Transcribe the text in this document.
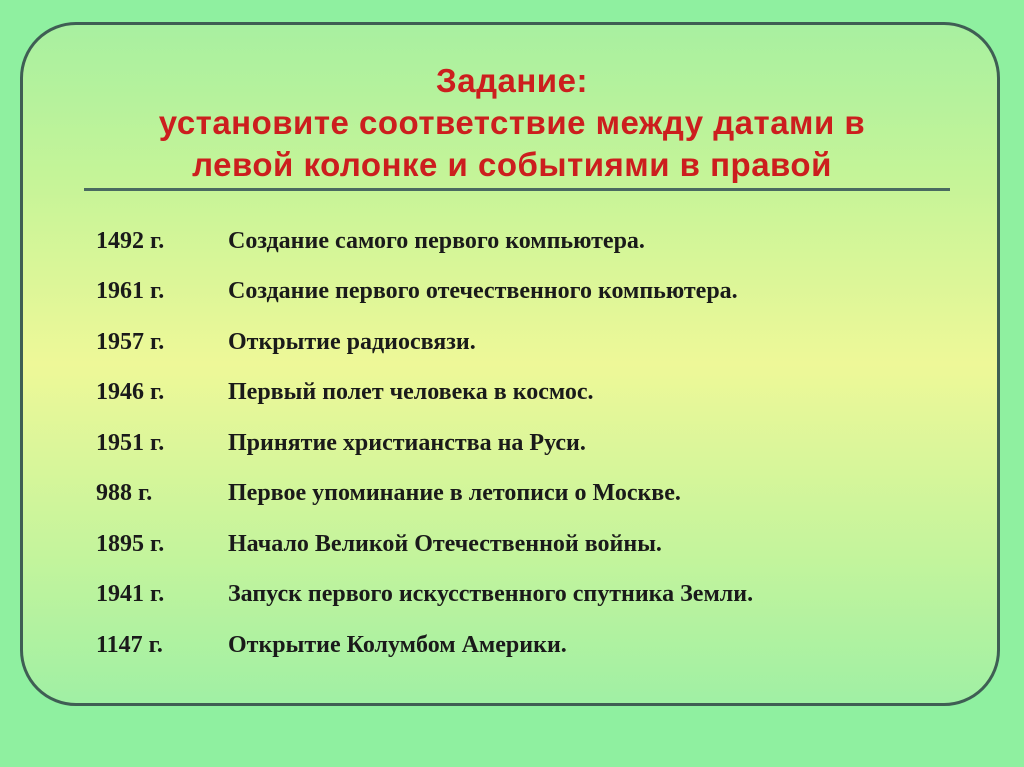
Задание:
установите соответствие между датами в
левой колонке и событиями в правой
1492 г.	Создание самого первого компьютера.
1961 г.	Создание первого отечественного компьютера.
1957 г.	Открытие радиосвязи.
1946 г.	Первый полет человека в космос.
1951 г.	Принятие христианства на Руси.
988 г.	Первое упоминание в летописи о Москве.
1895 г.	Начало Великой Отечественной войны.
1941 г.	Запуск первого искусственного спутника Земли.
1147 г.	Открытие Колумбом Америки.
